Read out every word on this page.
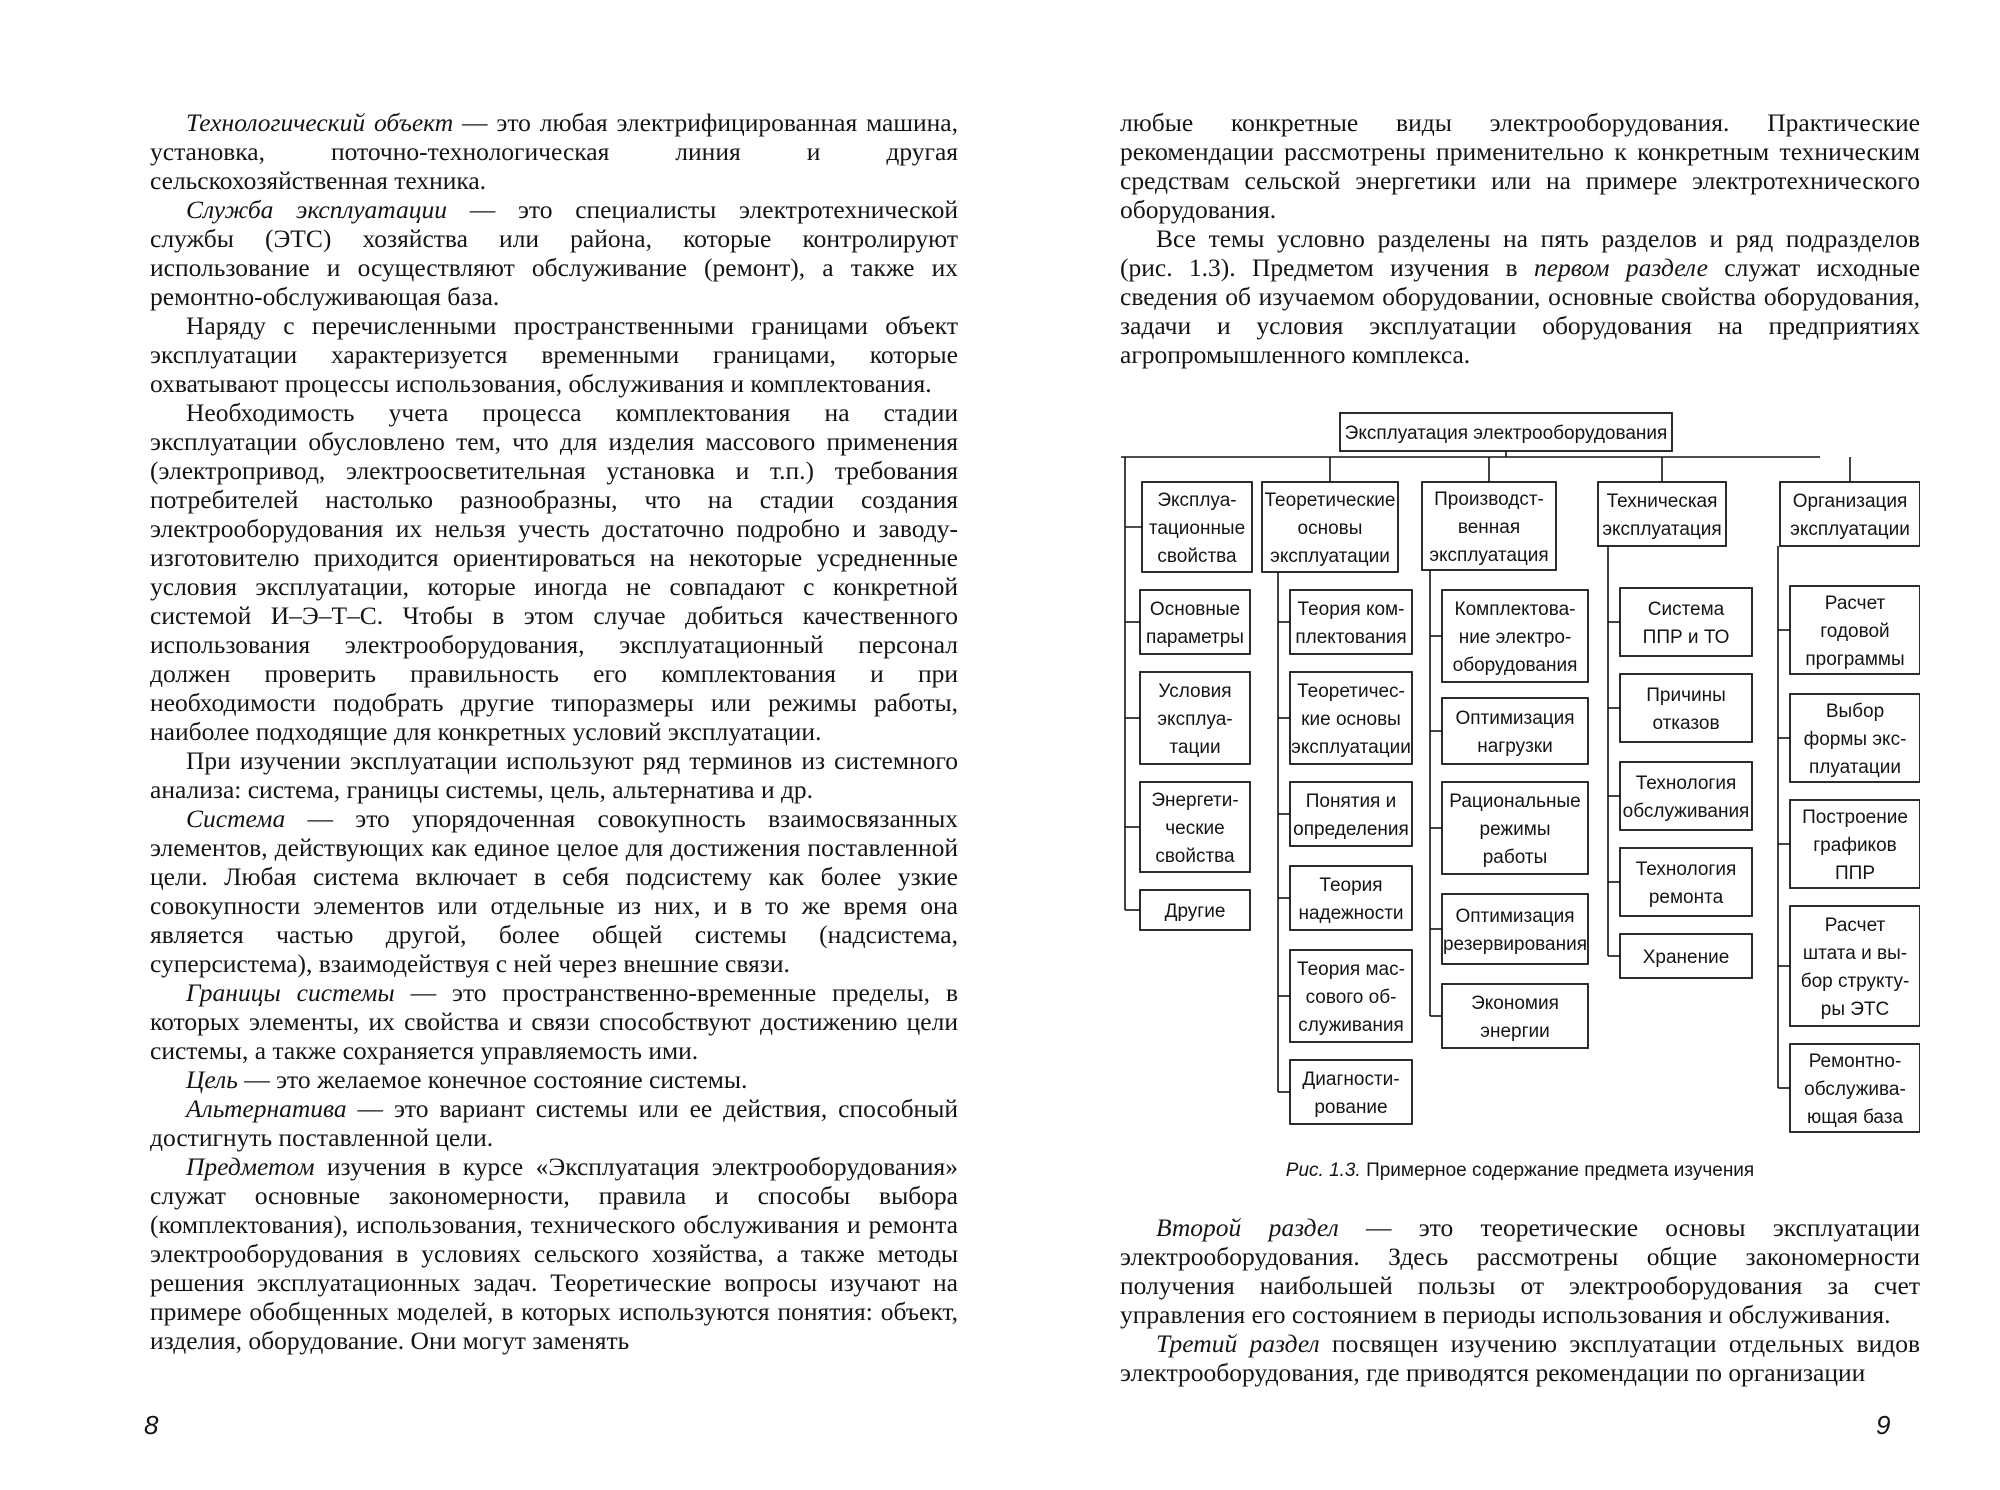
Технологический объект — это любая электрифицированная машина, установка, поточно-технологическая линия и другая сельскохозяйственная техника.

Служба эксплуатации — это специалисты электротехнической службы (ЭТС) хозяйства или района, которые контролируют использование и осуществляют обслуживание (ремонт), а также их ремонтно-обслуживающая база.

Наряду с перечисленными пространственными границами объект эксплуатации характеризуется временными границами, которые охватывают процессы использования, обслуживания и комплектования.

Необходимость учета процесса комплектования на стадии эксплуатации обусловлено тем, что для изделия массового применения (электропривод, электроосветительная установка и т.п.) требования потребителей настолько разнообразны, что на стадии создания электрооборудования их нельзя учесть достаточно подробно и заводу-изготовителю приходится ориентироваться на некоторые усредненные условия эксплуатации, которые иногда не совпадают с конкретной системой И–Э–Т–С. Чтобы в этом случае добиться качественного использования электрооборудования, эксплуатационный персонал должен проверить правильность его комплектования и при необходимости подобрать другие типоразмеры или режимы работы, наиболее подходящие для конкретных условий эксплуатации.

При изучении эксплуатации используют ряд терминов из системного анализа: система, границы системы, цель, альтернатива и др.

Система — это упорядоченная совокупность взаимосвязанных элементов, действующих как единое целое для достижения поставленной цели. Любая система включает в себя подсистему как более узкие совокупности элементов или отдельные из них, и в то же время она является частью другой, более общей системы (надсистема, суперсистема), взаимодействуя с ней через внешние связи.

Границы системы — это пространственно-временные пределы, в которых элементы, их свойства и связи способствуют достижению цели системы, а также сохраняется управляемость ими.

Цель — это желаемое конечное состояние системы.

Альтернатива — это вариант системы или ее действия, способный достигнуть поставленной цели.

Предметом изучения в курсе «Эксплуатация электрооборудования» служат основные закономерности, правила и способы выбора (комплектования), использования, технического обслуживания и ремонта электрооборудования в условиях сельского хозяйства, а также методы решения эксплуатационных задач. Теоретические вопросы изучают на примере обобщенных моделей, в которых используются понятия: объект, изделия, оборудование. Они могут заменять

8

любые конкретные виды электрооборудования. Практические рекомендации рассмотрены применительно к конкретным техническим средствам сельской энергетики или на примере электротехнического оборудования.

Все темы условно разделены на пять разделов и ряд подразделов (рис. 1.3). Предметом изучения в первом разделе служат исходные сведения об изучаемом оборудовании, основные свойства оборудования, задачи и условия эксплуатации оборудования на предприятиях агропромышленного комплекса.

Эксплуатация электрооборудования
Эксплуа-
тационные
свойства
Основные
параметры
Условия
эксплуа-
тации
Энергети-
ческие
свойства
Другие
Теоретические
основы
эксплуатации
Теория ком-
плектования
Теоретичес-
кие основы
эксплуатации
Понятия и
определения
Теория
надежности
Теория мас-
сового об-
служивания
Диагности-
рование
Производст-
венная
эксплуатация
Комплектова-
ние электро-
оборудования
Оптимизация
нагрузки
Рациональные
режимы
работы
Оптимизация
резервирования
Экономия
энергии
Техническая
эксплуатация
Система
ППР и ТО
Причины
отказов
Технология
обслуживания
Технология
ремонта
Хранение
Организация
эксплуатации
Расчет
годовой
программы
Выбор
формы экс-
плуатации
Построение
графиков
ППР
Расчет
штата и вы-
бор структу-
ры ЭТС
Ремонтно-
обслужива-
ющая база
Рис. 1.3. Примерное содержание предмета изучения

Второй раздел — это теоретические основы эксплуатации электрооборудования. Здесь рассмотрены общие закономерности получения наибольшей пользы от электрооборудования за счет управления его состоянием в периоды использования и обслуживания.

Третий раздел посвящен изучению эксплуатации отдельных видов электрооборудования, где приводятся рекомендации по организации

9
